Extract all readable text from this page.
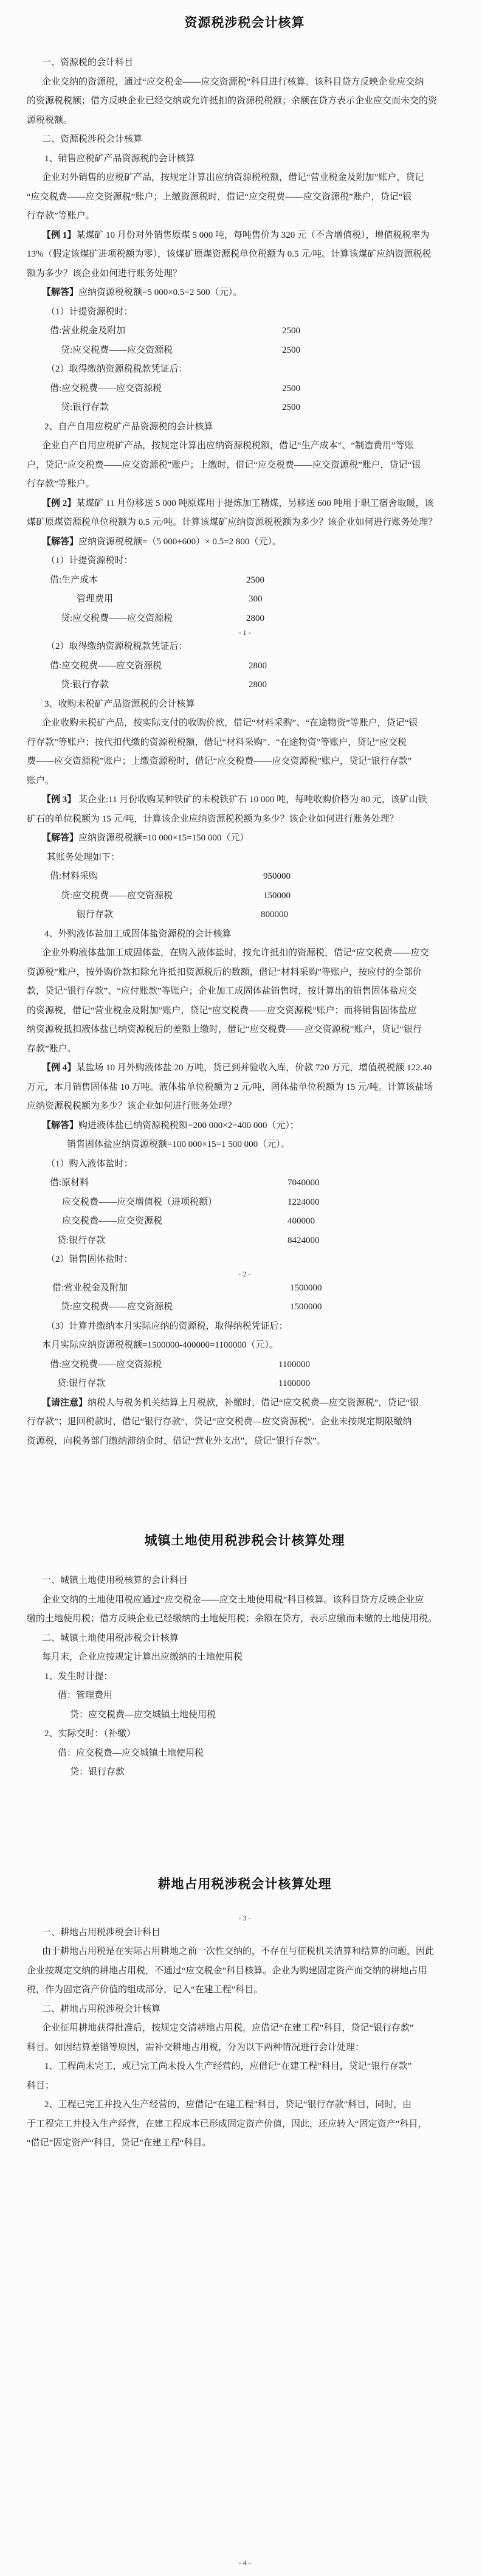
资源税涉税会计核算
一、资源税的会计科目
企业交纳的资源税，通过“应交税金——应交资源税”科目进行核算。该科目贷方反映企业应交纳
的资源税税额；借方反映企业已经交纳或允许抵扣的资源税税额；余额在贷方表示企业应交而未交的资
源税税额。
二、资源税涉税会计核算
1、销售应税矿产品资源税的会计核算
企业对外销售的应税矿产品，按规定计算出应纳资源税税额，借记“营业税金及附加”账户，贷记
“应交税费——应交资源税”账户；上缴资源税时，借记“应交税费——应交资源税”账户，贷记“银
行存款”等账户。
【例 1】某煤矿 10 月份对外销售原煤 5 000 吨，每吨售价为 320 元（不含增值税），增值税税率为
13%（假定该煤矿进项税额为零），该煤矿原煤资源税单位税额为 0.5 元/吨。计算该煤矿应纳资源税税
额为多少？该企业如何进行账务处理？
【解答】应纳资源税税额=5 000×0.5=2 500（元）。
（1）计提资源税时：
借:营业税金及附加	2500
贷:应交税费——应交资源税	2500
（2）取得缴纳资源税税款凭证后：
借:应交税费——应交资源税	2500
贷:银行存款	2500
2、自产自用应税矿产品资源税的会计核算
企业自产自用应税矿产品，按规定计算出应纳资源税税额，借记“生产成本”、“制造费用”等账
户，贷记“应交税费——应交资源税”账户；上缴时，借记“应交税费——应交资源税”账户，贷记“银
行存款”等账户。
【例 2】某煤矿 11 月份移送 5 000 吨原煤用于提炼加工精煤，另移送 600 吨用于职工宿舍取暖，该
煤矿原煤资源税单位税额为 0.5 元/吨。计算该煤矿应纳资源税税额为多少？该企业如何进行账务处理？
【解答】应纳资源税税额=（5 000+600）× 0.5=2 800（元）。
（1）计提资源税时：
借:生产成本	2500
管理费用	300
贷:应交税费——应交资源税	2800
- 1 -
（2）取得缴纳资源税税款凭证后：
借:应交税费——应交资源税	2800
贷:银行存款	2800
3、收购未税矿产品资源税的会计核算
企业收购未税矿产品，按实际支付的收购价款，借记“材料采购”、“在途物资”等账户，贷记“银
行存款”等账户；按代扣代缴的资源税税额，借记“材料采购”、“在途物资”等账户，贷记“应交税
费——应交资源税”账户；上缴资源税时，借记“应交税费——应交资源税”账户，贷记“银行存款”
账户。
【例 3】 某企业:11 月份收购某种铁矿的未税铁矿石 10 000 吨，每吨收购价格为 80 元，该矿山铁
矿石的单位税额为 15 元/吨，计算该企业应纳资源税税额为多少？该企业如何进行账务处理？
【解答】应纳资源税税额=10 000×15=150 000（元）
其账务处理如下：
借:材料采购	950000
贷:应交税费——应交资源税	150000
银行存款	800000
4、外购液体盐加工成固体盐资源税的会计核算
企业外购液体盐加工成固体盐，在购入液体盐时，按允许抵扣的资源税，借记“应交税费——应交
资源税”账户，按外购价款扣除允许抵扣资源税后的数额，借记“材料采购”等账户，按应付的全部价
款，贷记“银行存款”、“应付账款”等账户；企业加工成固体盐销售时，按计算出的销售固体盐应交
的资源税，借记“营业税金及附加”账户，贷记“应交税费——应交资源税”账户；而将销售固体盐应
纳资源税抵扣液体盐已纳资源税后的差额上缴时，借记“应交税费——应交资源税”账户，贷记“银行
存款”账户。
【例 4】某盐场 10 月外购液体盐 20 万吨，货已到并验收入库，价款 720 万元，增值税税额 122.40
万元，本月销售固体盐 10 万吨。液体盐单位税额为 2 元/吨，固体盐单位税额为 15 元/吨。计算该盐场
应纳资源税税额为多少？该企业如何进行账务处理？
【解答】购进液体盐已纳资源税税额=200 000×2=400 000（元）；
销售固体盐应纳资源税额=100 000×15=1 500 000（元）。
（1）购入液体盐时：
借:原材料	7040000
应交税费——应交增值税（进项税额）	1224000
应交税费——应交资源税	400000
贷:银行存款	8424000
（2）销售固体盐时：
- 2 -
借:营业税金及附加	1500000
贷:应交税费——应交资源税	1500000
（3）计算并缴纳本月实际应纳的资源税，取得纳税凭证后：
本月实际应纳资源税税额=1500000-400000=1100000（元）。
借:应交税费——应交资源税	1100000
贷:银行存款	1100000
【请注意】纳税人与税务机关结算上月税款，补缴时，借记“应交税费—应交资源税”，贷记“银
行存款”；退回税款时，借记“银行存款”，贷记“应交税费—应交资源税”。企业未按规定期限缴纳
资源税，向税务部门缴纳滞纳金时，借记“营业外支出”，贷记“银行存款”。
城镇土地使用税涉税会计核算处理
一、城镇土地使用税核算的会计科目
企业交纳的土地使用税应通过“应交税金——应交土地使用税”科目核算。该科目贷方反映企业应
缴的土地使用税；借方反映企业已经缴纳的土地使用税；余额在贷方，表示应缴而未缴的土地使用税。
二、城镇土地使用税涉税会计核算
每月末，企业应按规定计算出应缴纳的土地使用税
1、发生时计提：
借：管理费用
贷：应交税费—应交城镇土地使用税
2、实际交时：（补缴）
借：应交税费—应交城镇土地使用税
贷：银行存款
耕地占用税涉税会计核算处理
- 3 -
一、耕地占用税涉税会计科目
由于耕地占用税是在实际占用耕地之前一次性交纳的，不存在与征税机关清算和结算的问题，因此
企业按规定交纳的耕地占用税，不通过“应交税金”科目核算。企业为购建固定资产而交纳的耕地占用
税，作为固定资产价值的组成部分，记入“在建工程”科目。
二、耕地占用税涉税会计核算
企业征用耕地获得批准后，按规定交清耕地占用税，应借记“在建工程”科目，贷记“银行存款”
科目。如因结算差错等原因，需补交耕地占用税，分为以下两种情况进行会计处理：
1、工程尚未完工，或已完工尚未投入生产经营的，应借记“在建工程”科目，贷记“银行存款”
科目；
2、工程已完工并投入生产经营的，应借记“在建工程”科目，贷记“银行存款”科目，同时，由
于工程完工并投入生产经营，在建工程成本已形成固定资产价值，因此，还应转入“固定资产”科目，
“借记”固定资产“科目，贷记”在建工程“科目。
- 4 -
